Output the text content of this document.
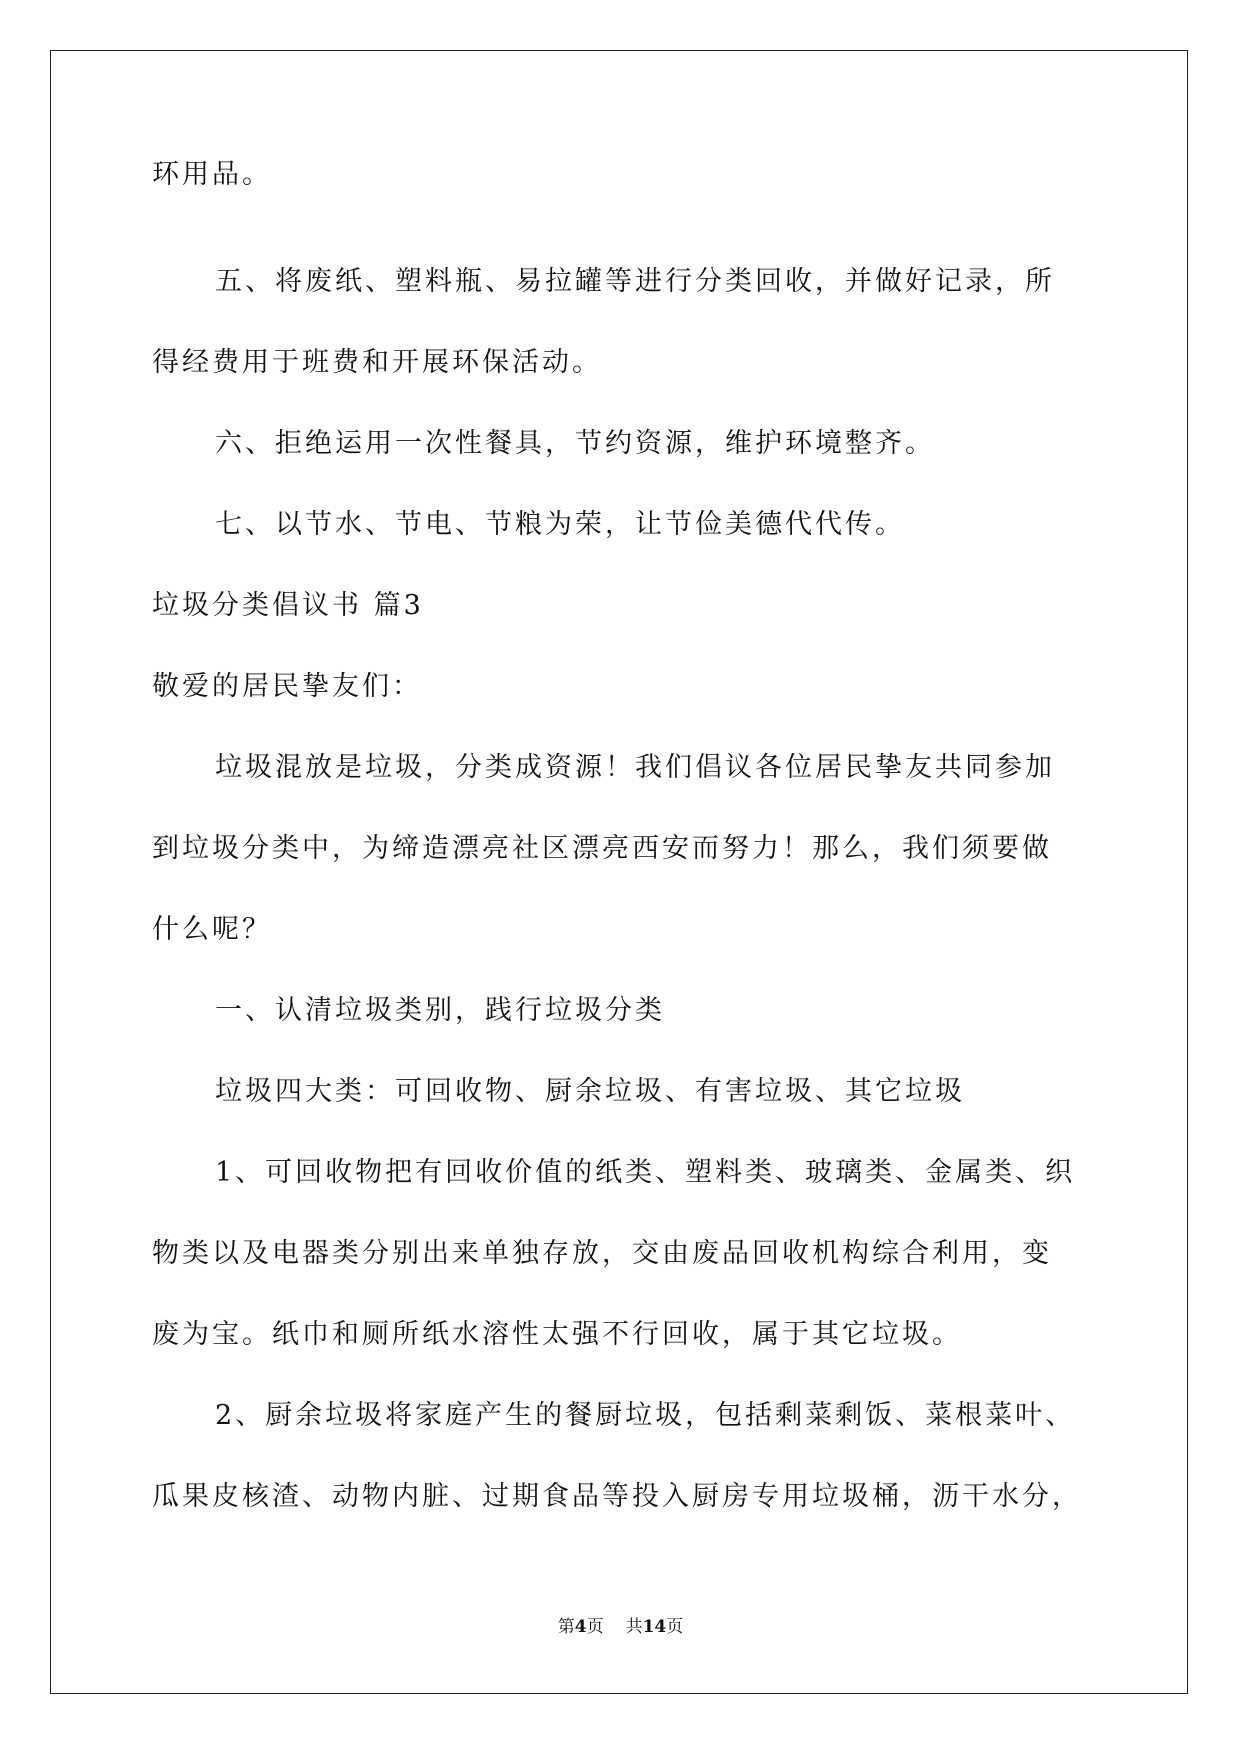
环用品。

五、将废纸、塑料瓶、易拉罐等进行分类回收，并做好记录，所

得经费用于班费和开展环保活动。

六、拒绝运用一次性餐具，节约资源，维护环境整齐。

七、以节水、节电、节粮为荣，让节俭美德代代传。

垃圾分类倡议书 篇3

敬爱的居民挚友们：

垃圾混放是垃圾，分类成资源！我们倡议各位居民挚友共同参加

到垃圾分类中，为缔造漂亮社区漂亮西安而努力！那么，我们须要做

什么呢？

一、认清垃圾类别，践行垃圾分类

垃圾四大类：可回收物、厨余垃圾、有害垃圾、其它垃圾

1、可回收物把有回收价值的纸类、塑料类、玻璃类、金属类、织

物类以及电器类分别出来单独存放，交由废品回收机构综合利用，变

废为宝。纸巾和厕所纸水溶性太强不行回收，属于其它垃圾。

2、厨余垃圾将家庭产生的餐厨垃圾，包括剩菜剩饭、菜根菜叶、

瓜果皮核渣、动物内脏、过期食品等投入厨房专用垃圾桶，沥干水分，

第4页 共14页
